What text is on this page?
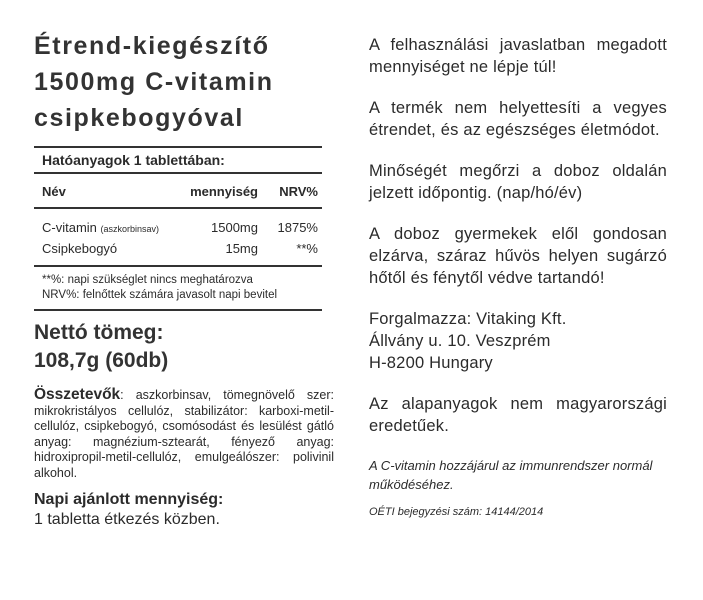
Étrend-kiegészítő
1500mg C-vitamin
csipkebogyóval
Hatóanyagok 1 tablettában:
Név	mennyiség	NRV%
C-vitamin (aszkorbinsav)	1500mg	1875%
Csipkebogyó	15mg	**%
**%: napi szükséglet nincs meghatározva
NRV%: felnőttek számára javasolt napi bevitel
Nettó tömeg:
108,7g (60db)
Összetevők: aszkorbinsav, tömegnövelő szer: mikrokristályos cellulóz, stabilizátor: karboxi-metil-cellulóz, csipkebogyó, csomósodást és lesülést gátló anyag: magnézium-sztearát, fényező anyag: hidroxipropil-metil-cellulóz, emulgeálószer: polivinil alkohol.
Napi ajánlott mennyiség:
1 tabletta étkezés közben.

A felhasználási javaslatban megadott mennyiséget ne lépje túl!

A termék nem helyettesíti a vegyes étrendet, és az egészséges életmódot.

Minőségét megőrzi a doboz oldalán jelzett időpontig. (nap/hó/év)

A doboz gyermekek elől gondosan elzárva, száraz hűvös helyen sugárzó hőtől és fénytől védve tartandó!

Forgalmazza: Vitaking Kft.
Állvány u. 10. Veszprém
H-8200 Hungary

Az alapanyagok nem magyarországi eredetűek.

A C-vitamin hozzájárul az immunrendszer normál működéséhez.

OÉTI bejegyzési szám: 14144/2014
